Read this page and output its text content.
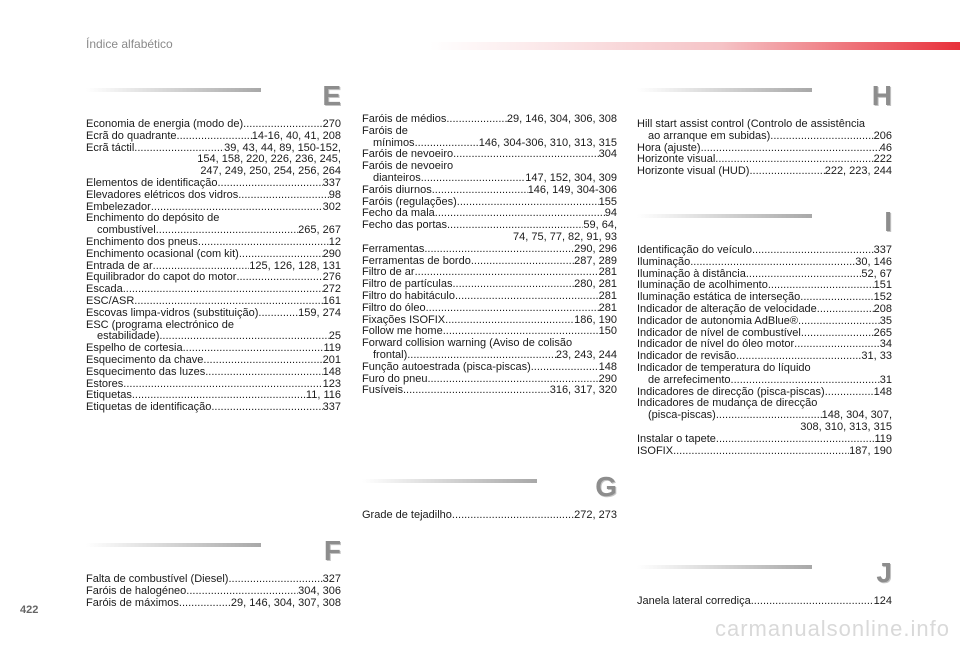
Índice alfabético
E
Economia de energia (modo de) .....	270
Ecrã do quadrante .....	14-16, 40, 41, 208
Ecrã táctil .....	39, 43, 44, 89, 150-152,
154, 158, 220, 226, 236, 245,
247, 249, 250, 254, 256, 264
Elementos de identificação .....	337
Elevadores elétricos dos vidros .....	98
Embelezador .....	302
Enchimento do depósito de
combustível .....	265, 267
Enchimento dos pneus .....	12
Enchimento ocasional (com kit) .....	290
Entrada de ar .....	125, 126, 128, 131
Equilibrador do capot do motor .....	276
Escada .....	272
ESC/ASR .....	161
Escovas limpa-vidros (substituição) .....	159, 274
ESC (programa electrónico de
estabilidade) .....	25
Espelho de cortesia .....	119
Esquecimento da chave .....	201
Esquecimento das luzes .....	148
Estores .....	123
Etiquetas .....	11, 116
Etiquetas de identificação .....	337
Faróis de médios .....	29, 146, 304, 306, 308
Faróis de
mínimos .....	146, 304-306, 310, 313, 315
Faróis de nevoeiro .....	304
Faróis de nevoeiro
dianteiros .....	147, 152, 304, 309
Faróis diurnos .....	146, 149, 304-306
Faróis (regulações) .....	155
Fecho da mala .....	94
Fecho das portas .....	59, 64,
74, 75, 77, 82, 91, 93
Ferramentas .....	290, 296
Ferramentas de bordo .....	287, 289
Filtro de ar .....	281
Filtro de partículas .....	280, 281
Filtro do habitáculo .....	281
Filtro do óleo .....	281
Fixações ISOFIX .....	186, 190
Follow me home .....	150
Forward collision warning (Aviso de colisão
frontal) .....	23, 243, 244
Função autoestrada (pisca-piscas) .....	148
Furo do pneu .....	290
Fusíveis .....	316, 317, 320
G
Grade de tejadilho .....	272, 273
F
Falta de combustível (Diesel) .....	327
Faróis de halogéneo .....	304, 306
Faróis de máximos .....	29, 146, 304, 307, 308
H
Hill start assist control (Controlo de assistência
ao arranque em subidas) .....	206
Hora (ajuste) .....	46
Horizonte visual .....	222
Horizonte visual (HUD) .....	222, 223, 244
I
Identificação do veículo .....	337
Iluminação .....	30, 146
Iluminação à distância .....	52, 67
Iluminação de acolhimento .....	151
Iluminação estática de interseção .....	152
Indicador de alteração de velocidade .....	208
Indicador de autonomia AdBlue® .....	35
Indicador de nível de combustível .....	265
Indicador de nível do óleo motor .....	34
Indicador de revisão .....	31, 33
Indicador de temperatura do líquido
de arrefecimento .....	31
Indicadores de direcção (pisca-piscas) .....	148
Indicadores de mudança de direcção
(pisca-piscas) .....	148, 304, 307,
308, 310, 313, 315
Instalar o tapete .....	119
ISOFIX .....	187, 190
J
Janela lateral corrediça .....	124
422
carmanualsonline.info
